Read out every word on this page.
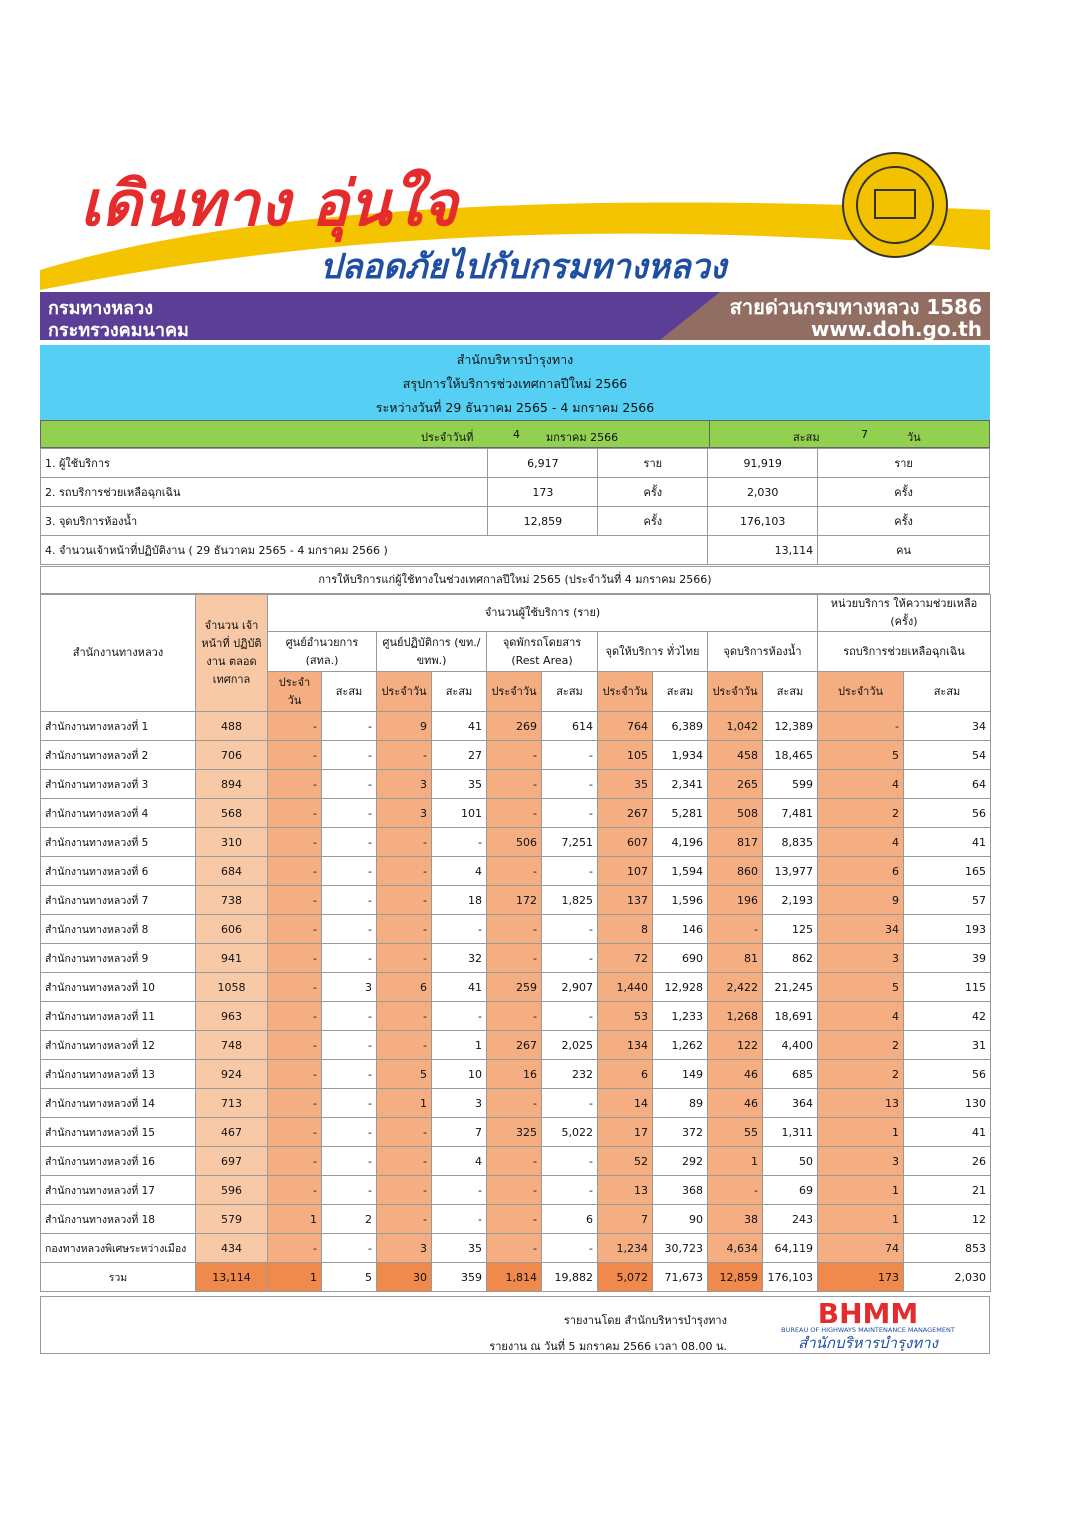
เดินทาง อุ่นใจ
ปลอดภัยไปกับกรมทางหลวง
กรมทางหลวง
กระทรวงคมนาคม
สายด่วนกรมทางหลวง 1586
www.doh.go.th
สำนักบริหารบำรุงทาง
สรุปการให้บริการช่วงเทศกาลปีใหม่ 2566
ระหว่างวันที่ 29 ธันวาคม 2565 - 4 มกราคม 2566
ประจำวันที่	4 มกราคม 2566	สะสม	7	วัน
1. ผู้ใช้บริการ	6,917	ราย	91,919	ราย
2. รถบริการช่วยเหลือฉุกเฉิน	173	ครั้ง	2,030	ครั้ง
3. จุดบริการห้องน้ำ	12,859	ครั้ง	176,103	ครั้ง
4. จำนวนเจ้าหน้าที่ปฏิบัติงาน ( 29 ธันวาคม 2565 - 4 มกราคม 2566 )			13,114	คน
การให้บริการแก่ผู้ใช้ทางในช่วงเทศกาลปีใหม่ 2565 (ประจำวันที่ 4 มกราคม 2566)
สำนักงานทางหลวง	จำนวน เจ้าหน้าที่ ปฏิบัติงาน ตลอดเทศกาล	จำนวนผู้ใช้บริการ (ราย)										หน่วยบริการ ให้ความช่วยเหลือ (ครั้ง)	
		ศูนย์อำนวยการ (สทล.)		ศูนย์ปฏิบัติการ (ขท./ขทพ.)		จุดพักรถโดยสาร (Rest Area)		จุดให้บริการ ทั่วไทย		จุดบริการห้องน้ำ		รถบริการช่วยเหลือฉุกเฉิน	
		ประจำวัน	สะสม	ประจำวัน	สะสม	ประจำวัน	สะสม	ประจำวัน	สะสม	ประจำวัน	สะสม	ประจำวัน	สะสม
สำนักงานทางหลวงที่ 1	488	-	-	9	41	269	614	764	6,389	1,042	12,389	-	34
สำนักงานทางหลวงที่ 2	706	-	-	-	27	-	-	105	1,934	458	18,465	5	54
สำนักงานทางหลวงที่ 3	894	-	-	3	35	-	-	35	2,341	265	599	4	64
สำนักงานทางหลวงที่ 4	568	-	-	3	101	-	-	267	5,281	508	7,481	2	56
สำนักงานทางหลวงที่ 5	310	-	-	-	-	506	7,251	607	4,196	817	8,835	4	41
สำนักงานทางหลวงที่ 6	684	-	-	-	4	-	-	107	1,594	860	13,977	6	165
สำนักงานทางหลวงที่ 7	738	-	-	-	18	172	1,825	137	1,596	196	2,193	9	57
สำนักงานทางหลวงที่ 8	606	-	-	-	-	-	-	8	146	-	125	34	193
สำนักงานทางหลวงที่ 9	941	-	-	-	32	-	-	72	690	81	862	3	39
สำนักงานทางหลวงที่ 10	1058	-	3	6	41	259	2,907	1,440	12,928	2,422	21,245	5	115
สำนักงานทางหลวงที่ 11	963	-	-	-	-	-	-	53	1,233	1,268	18,691	4	42
สำนักงานทางหลวงที่ 12	748	-	-	-	1	267	2,025	134	1,262	122	4,400	2	31
สำนักงานทางหลวงที่ 13	924	-	-	5	10	16	232	6	149	46	685	2	56
สำนักงานทางหลวงที่ 14	713	-	-	1	3	-	-	14	89	46	364	13	130
สำนักงานทางหลวงที่ 15	467	-	-	-	7	325	5,022	17	372	55	1,311	1	41
สำนักงานทางหลวงที่ 16	697	-	-	-	4	-	-	52	292	1	50	3	26
สำนักงานทางหลวงที่ 17	596	-	-	-	-	-	-	13	368	-	69	1	21
สำนักงานทางหลวงที่ 18	579	1	2	-	-	-	6	7	90	38	243	1	12
กองทางหลวงพิเศษระหว่างเมือง	434	-	-	3	35	-	-	1,234	30,723	4,634	64,119	74	853
รวม	13,114	1	5	30	359	1,814	19,882	5,072	71,673	12,859	176,103	173	2,030
รายงานโดย สำนักบริหารบำรุงทาง
รายงาน ณ วันที่ 5 มกราคม 2566 เวลา 08.00 น.
BHMM
BUREAU OF HIGHWAYS MAINTENANCE MANAGEMENT
สำนักบริหารบำรุงทาง
